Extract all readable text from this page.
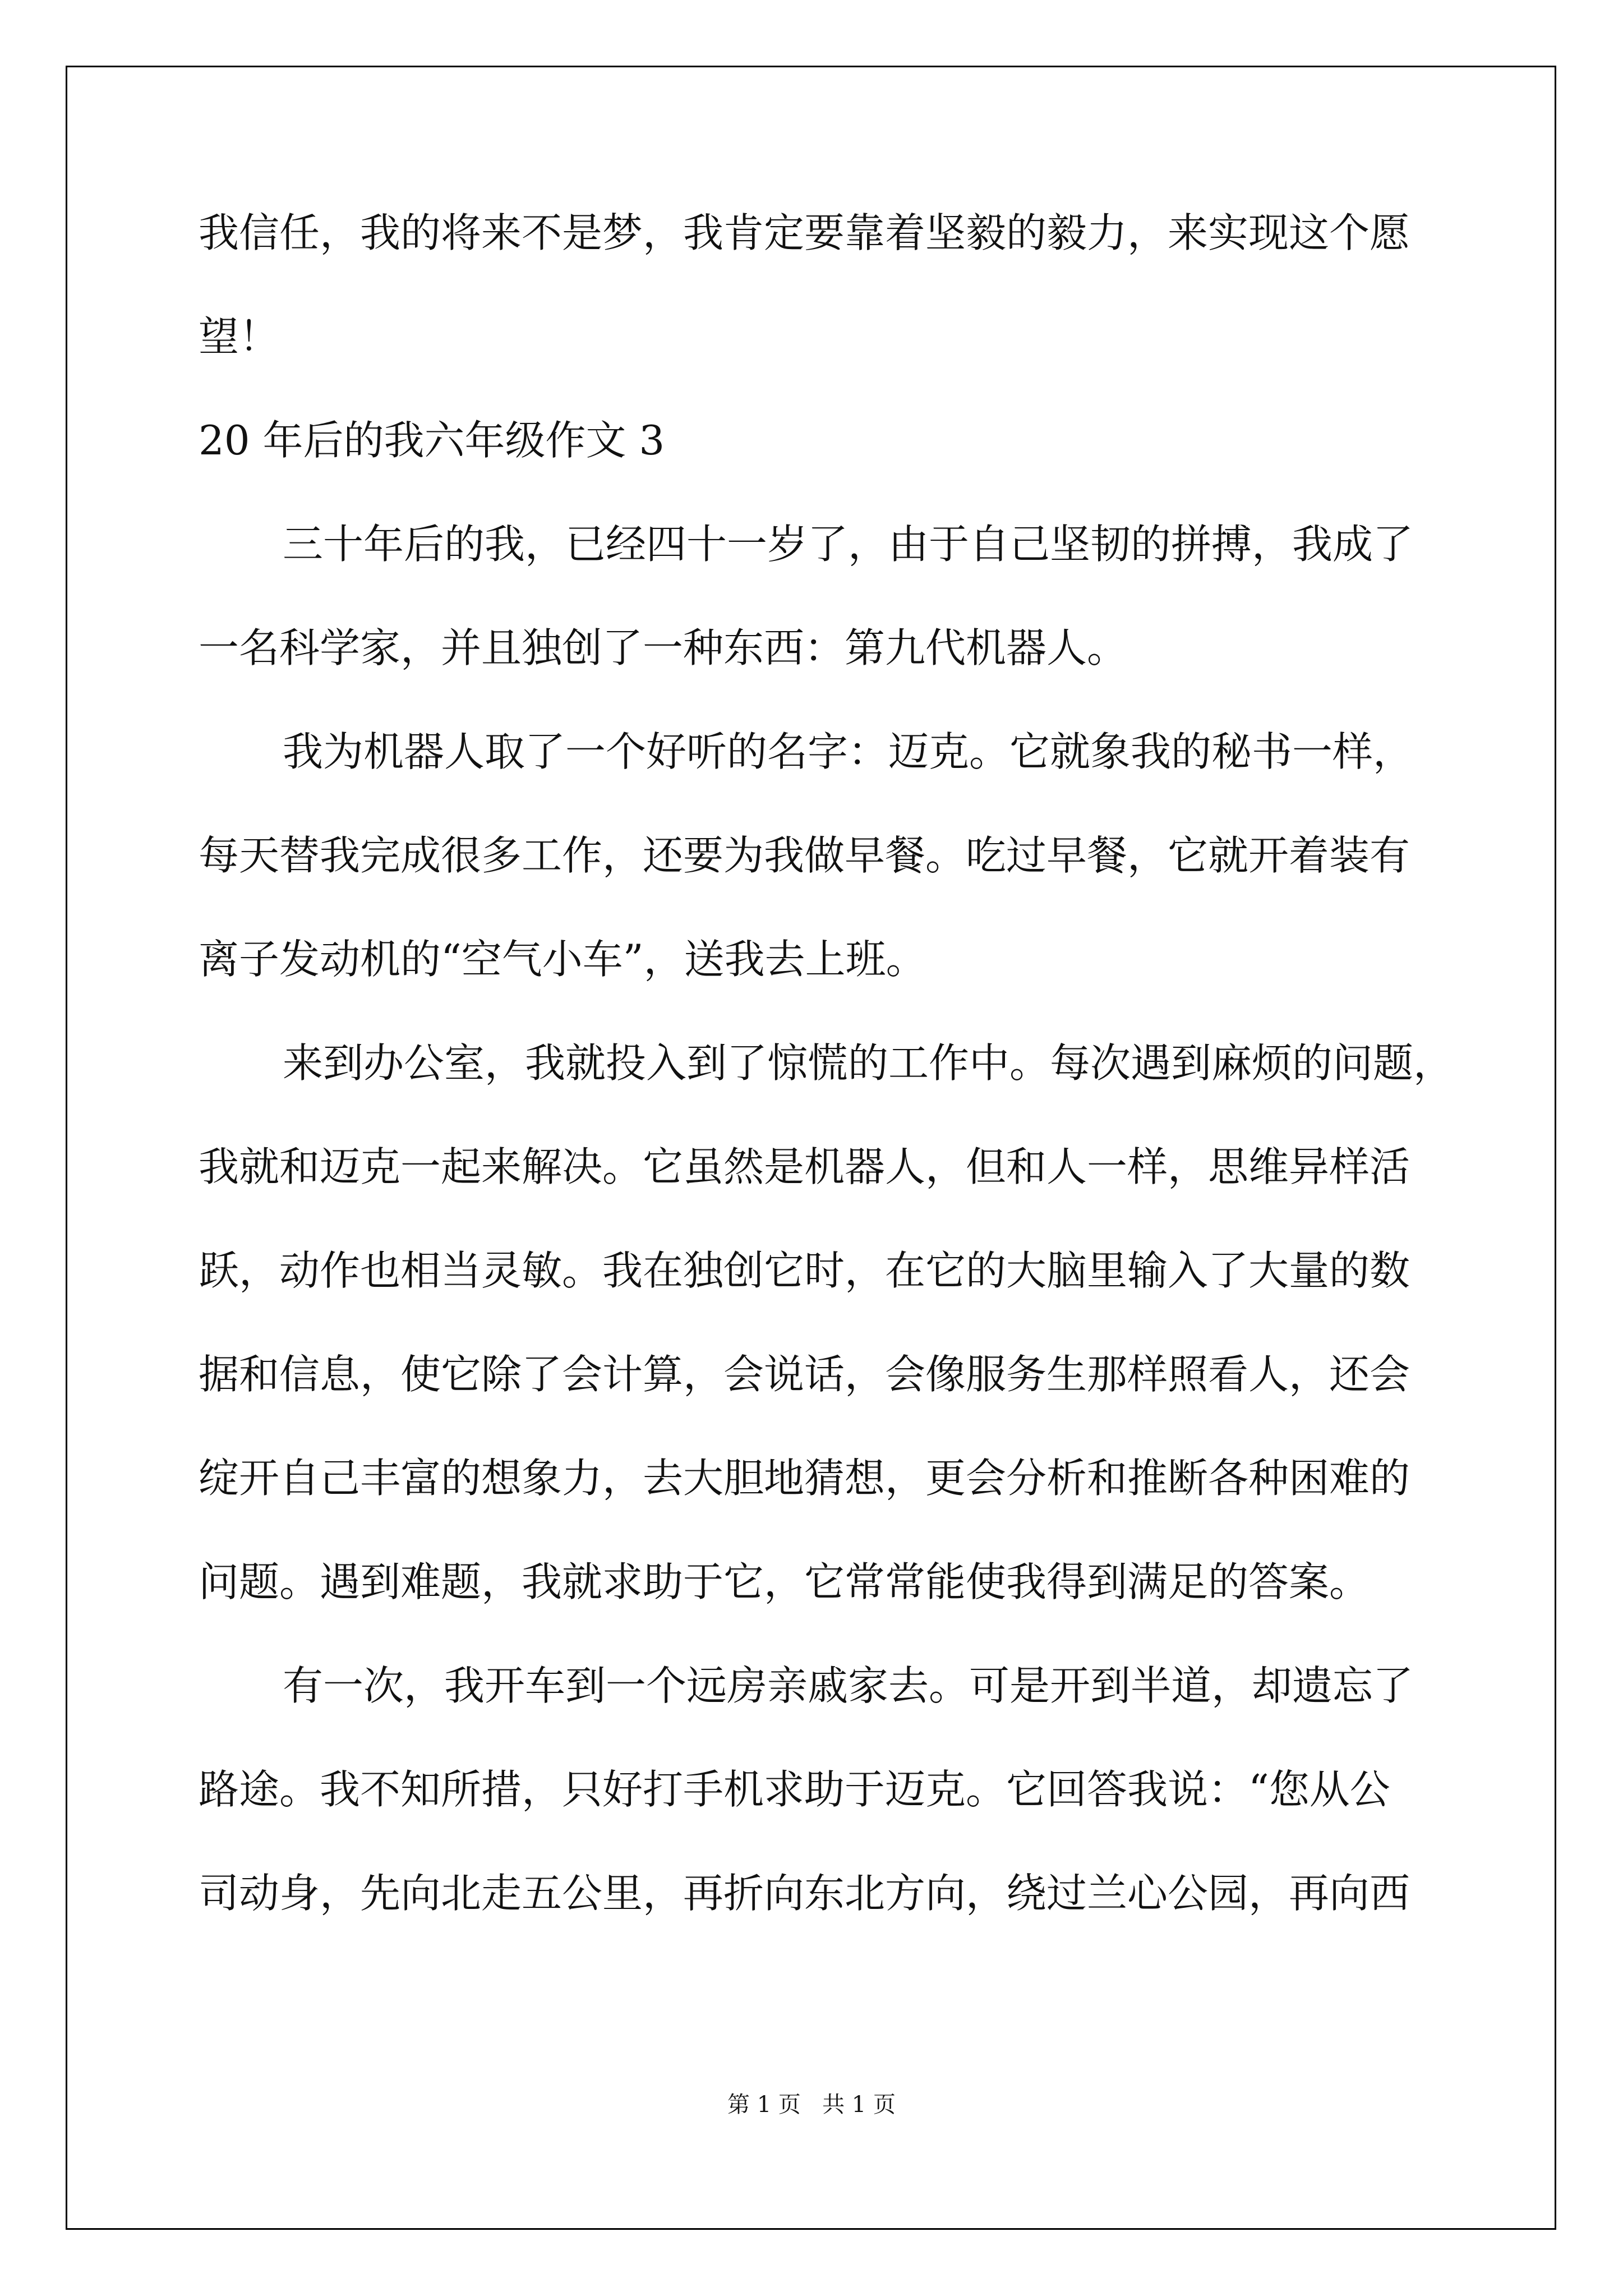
我信任，我的将来不是梦，我肯定要靠着坚毅的毅力，来实现这个愿
望！
20 年后的我六年级作文 3
三十年后的我，已经四十一岁了，由于自己坚韧的拼搏，我成了
一名科学家，并且独创了一种东西：第九代机器人。
我为机器人取了一个好听的名字：迈克。它就象我的秘书一样，
每天替我完成很多工作，还要为我做早餐。吃过早餐，它就开着装有
离子发动机的“空气小车”，送我去上班。
来到办公室，我就投入到了惊慌的工作中。每次遇到麻烦的问题，
我就和迈克一起来解决。它虽然是机器人，但和人一样，思维异样活
跃，动作也相当灵敏。我在独创它时，在它的大脑里输入了大量的数
据和信息，使它除了会计算，会说话，会像服务生那样照看人，还会
绽开自己丰富的想象力，去大胆地猜想，更会分析和推断各种困难的
问题。遇到难题，我就求助于它，它常常能使我得到满足的答案。
有一次，我开车到一个远房亲戚家去。可是开到半道，却遗忘了
路途。我不知所措，只好打手机求助于迈克。它回答我说：“您从公
司动身，先向北走五公里，再折向东北方向，绕过兰心公园，再向西
第 1 页   共 1 页
